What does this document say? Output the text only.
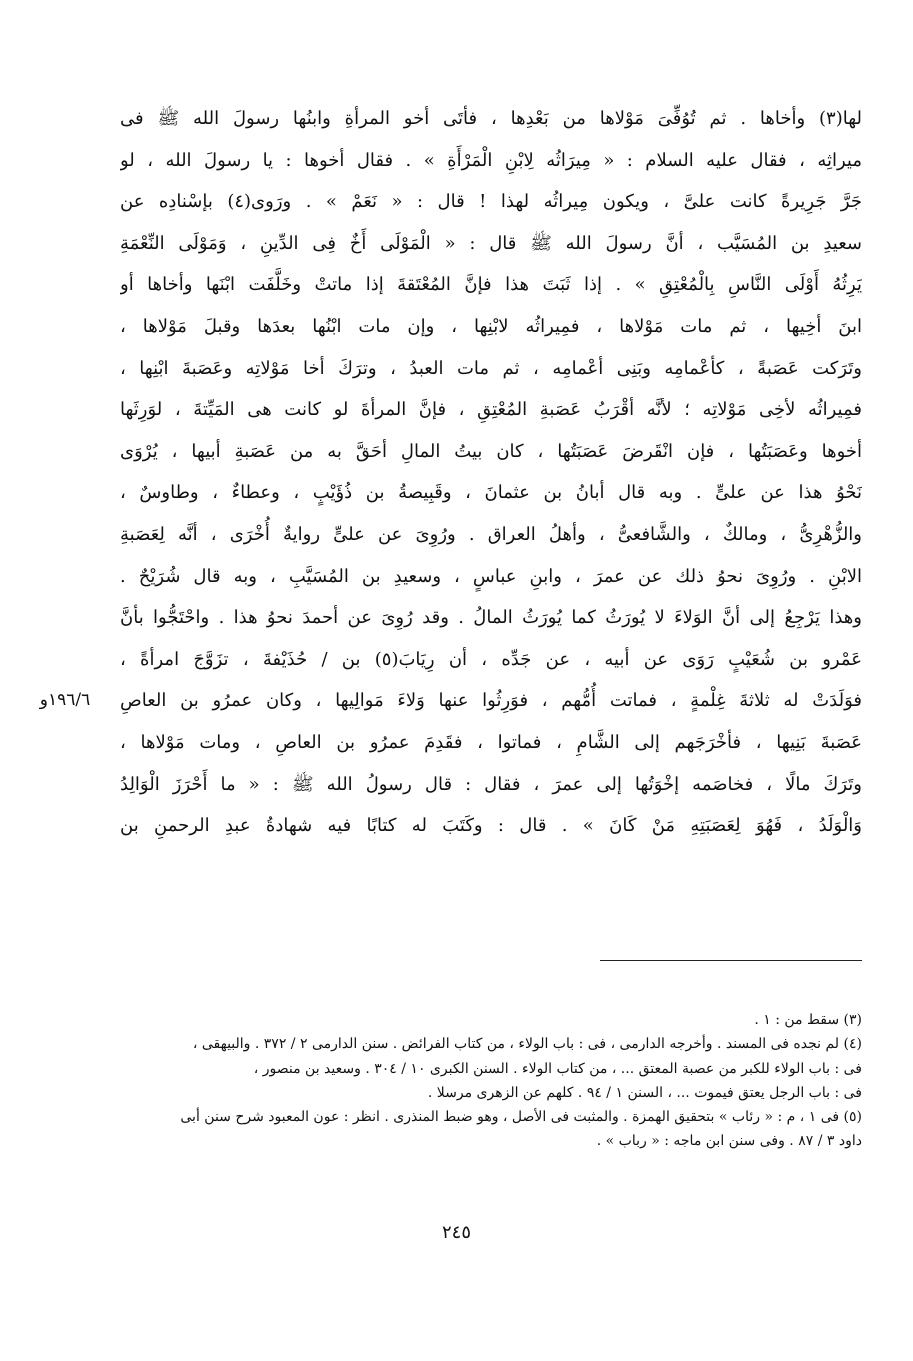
لها(٣) وأخاها . ثم تُوُفِّىَ مَوْلاها من بَعْدِها ، فأتَى أخو المرأةِ وابنُها رسولَ الله ﷺ فى
ميراثِه ، فقال عليه السلام : « مِيرَاثُه لِابْنِ الْمَرْأَةِ » . فقال أخوها : يا رسولَ الله ، لو
جَرَّ جَرِيرةً كانت علىَّ ، ويكون مِيراثُه لهذا ! قال : « نَعَمْ » . ورَوى(٤) بإسْنادِه عن
سعيدِ بن المُسَيَّب ، أنَّ رسولَ الله ﷺ قال : « الْمَوْلَى أَخٌ فِى الدِّينِ ، وَمَوْلَى النِّعْمَةِ
يَرِثُهُ أَوْلَى النَّاسِ بِالْمُعْتِقِ » . إذا ثَبَتَ هذا فإنَّ المُعْتَقةَ إذا ماتتْ وخَلَّفَت ابْنَها وأخاها أو
ابنَ أخِيها ، ثم مات مَوْلاها ، فمِيراثُه لابْنِها ، وإن مات ابْنُها بعدَها وقبلَ مَوْلاها ،
وتَرَكت عَصَبةً ، كأعْمامِه وبَنِى أعْمامِه ، ثم مات العبدُ ، وترَكَ أخا مَوْلاتِه وعَصَبةَ ابْنِها ،
فمِيراثُه لأخِى مَوْلاتِه ؛ لأنَّه أقْرَبُ عَصَبةِ المُعْتِقِ ، فإنَّ المرأةَ لو كانت هى المَيِّتةَ ، لوَرِثَها
أخوها وعَصَبَتُها ، فإن انْقَرضَ عَصَبَتُها ، كان بيتُ المالِ أحَقَّ به من عَصَبةِ أبيها ، يُرْوَى
نَحْوُ هذا عن علىٍّ . وبه قال أبانُ بن عثمانَ ، وقَبِيصةُ بن ذُؤَيْبٍ ، وعطاءٌ ، وطاوسٌ ،
والزُّهْرِىُّ ، ومالكٌ ، والشَّافعىُّ ، وأهلُ العراق . ورُوِىَ عن علىٍّ روايةٌ أُخْرَى ، أنَّه لِعَصَبةِ
الابْنِ . ورُوِىَ نحوُ ذلك عن عمرَ ، وابنِ عباسٍ ، وسعيدِ بن المُسَيَّبِ ، وبه قال شُرَيْحٌ .
وهذا يَرْجِعُ إلى أنَّ الوَلاءَ لا يُورَثُ كما يُورَثُ المالُ . وقد رُوِىَ عن أحمدَ نحوُ هذا . واحْتَجُّوا بأنَّ
عَمْرو بن شُعَيْبٍ رَوَى عن أبيه ، عن جَدِّه ، أن رِيَابَ(٥) بن / حُذَيْفةَ ، تزَوَّجَ امرأةً ،
فوَلَدَتْ له ثلاثةَ غِلْمةٍ ، فماتت أُمُّهم ، فوَرِثُوا عنها وَلاءَ مَوالِيها ، وكان عمرُو بن العاصِ
عَصَبةَ بَنِيها ، فأخْرَجَهم إلى الشَّامِ ، فماتوا ، فقَدِمَ عمرُو بن العاصِ ، ومات مَوْلاها ،
وتَرَكَ مالًا ، فخاصَمه إخْوَتُها إلى عمرَ ، فقال : قال رسولُ الله ﷺ : « ما أَحْرَزَ الْوَالِدُ
وَالْوَلَدُ ، فَهُوَ لِعَصَبَتِهِ مَنْ كَانَ » . قال : وكَتَبَ له كتابًا فيه شهادةُ عبدِ الرحمنِ بن
١٩٦/٦و
(٣) سقط من : ١ .
(٤) لم نجده فى المسند . وأخرجه الدارمى ، فى : باب الولاء ، من كتاب الفرائض . سنن الدارمى ٢ / ٣٧٢ . والبيهقى ،
فى : باب الولاء للكبر من عصبة المعتق ... ، من كتاب الولاء . السنن الكبرى ١٠ / ٣٠٤ . وسعيد بن منصور ،
فى : باب الرجل يعتق فيموت ... ، السنن ١ / ٩٤ . كلهم عن الزهرى مرسلا .
(٥) فى ١ ، م : « رئاب » بتحقيق الهمزة . والمثبت فى الأصل ، وهو ضبط المنذرى . انظر : عون المعبود شرح سنن أبى
داود ٣ / ٨٧ . وفى سنن ابن ماجه : « رباب » .
٢٤٥
